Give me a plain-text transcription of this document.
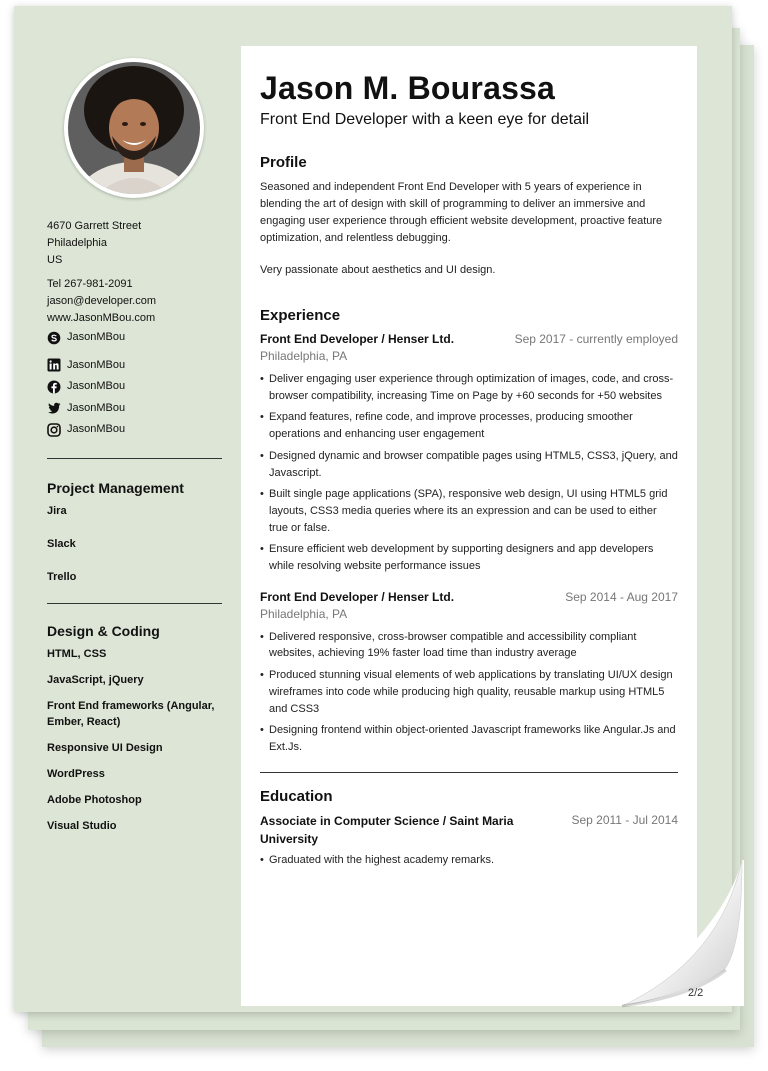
4670 Garrett Street
Philadelphia
US
Tel 267-981-2091
jason@developer.com
www.JasonMBou.com
JasonMBou
JasonMBou
JasonMBou
JasonMBou
JasonMBou
Project Management
Jira
Slack
Trello
Design & Coding
HTML, CSS
JavaScript, jQuery
Front End frameworks (Angular, Ember, React)
Responsive UI Design
WordPress
Adobe Photoshop
Visual Studio
Jason M. Bourassa
Front End Developer with a keen eye for detail
Profile
Seasoned and independent Front End Developer with 5 years of experience in blending the art of design with skill of programming to deliver an immersive and engaging user experience through efficient website development, proactive feature optimization, and relentless debugging.
Very passionate about aesthetics and UI design.
Experience
Front End Developer / Henser Ltd.	Sep 2017 - currently employed
Philadelphia, PA
• Deliver engaging user experience through optimization of images, code, and cross-browser compatibility, increasing Time on Page by +60 seconds for +50 websites
• Expand features, refine code, and improve processes, producing smoother operations and enhancing user engagement
• Designed dynamic and browser compatible pages using HTML5, CSS3, jQuery, and Javascript.
• Built single page applications (SPA), responsive web design, UI using HTML5 grid layouts, CSS3 media queries where its an expression and can be used to either true or false.
• Ensure efficient web development by supporting designers and app developers while resolving website performance issues
Front End Developer / Henser Ltd.	Sep 2014 - Aug 2017
Philadelphia, PA
• Delivered responsive, cross-browser compatible and accessibility compliant websites, achieving 19% faster load time than industry average
• Produced stunning visual elements of web applications by translating UI/UX design wireframes into code while producing high quality, reusable markup using HTML5 and CSS3
• Designing frontend within object-oriented Javascript frameworks like Angular.Js and Ext.Js.
Education
Associate in Computer Science / Saint Maria University
Sep 2011 - Jul 2014
• Graduated with the highest academy remarks.
2/2
